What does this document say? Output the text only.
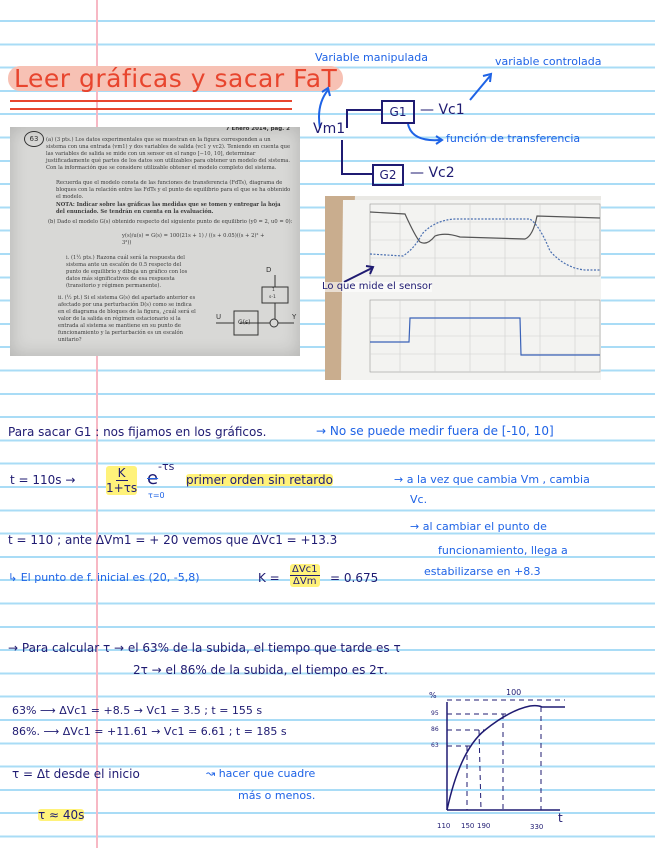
Leer gráficas y sacar FaT
Variable manipulada	variable controlada
Vm1
G1 — Vc1
función de transferencia
G2 — Vc2
63
7 Enero 2014, pág. 2
(a) (3 pts.) Los datos experimentales que se muestran en la figura corresponden a un sistema con una entrada (vm1) y dos variables de salida (vc1 y vc2). Teniendo en cuenta que las variables de salida se mide con un sensor en el rango [−10, 10], determinar justificadamente qué partes de los datos son utilizables para obtener un modelo del sistema. Con la información que se considere utilizable obtener el modelo completo del sistema.
Recuerda que el modelo consta de las funciones de transferencia (FdTs), diagrama de bloques con la relación entre las FdTs y el punto de equilibrio para el que se ha obtenido el modelo.
NOTA: Indicar sobre las gráficas las medidas que se tomen y entregar la hoja del enunciado. Se tendrán en cuenta en la evaluación.
(b) Dado el modelo G(s) obtenido respecto del siguiente punto de equilibrio (y0 = 2, u0 = 0):
y(s)/u(s) = G(s) = 100(21s + 1) / ((s + 0.05)((s + 2)² + 3²))
i. (1½ pts.) Razona cuál será la respuesta del sistema ante un escalón de 0.5 respecto del punto de equilibrio y dibuja un gráfico con los datos más significativos de esa respuesta (transitorio y régimen permanente).
ii. (½ pt.) Si el sistema G(s) del apartado anterior es afectado por una perturbación D(s) como se indica en el diagrama de bloques de la figura, ¿cuál será el valor de la salida en régimen estacionario si la entrada al sistema se mantiene en su punto de funcionamiento y la perturbación es un escalón unitario?
D
1
s-1
U
G(s)
Y
Lo que mide el sensor
Para sacar G1 : nos fijamos en los gráficos.	→ No se puede medir fuera de [-10, 10]
t = 110s →	$\frac{K}{1+\tau s}$ e
-τs
τ=0
primer orden sin retardo	→ a la vez que cambia Vm , cambia
Vc.
t = 110 ; ante ΔVm1 = + 20 vemos que ΔVc1 = +13.3
→ al cambiar el punto de
funcionamiento, llega a
estabilizarse en +8.3
↳ El punto de f. inicial es (20, -5,8)	K =
ΔVc1
ΔVm = 0.675
→ Para calcular τ → el 63% de la subida, el tiempo que tarde es τ
2τ → el 86% de la subida, el tiempo es 2τ.
63% ⟶ ΔVc1 = +8.5 → Vc1 = 3.5 ; t = 155 s
86%. ⟶ ΔVc1 = +11.61 → Vc1 = 6.61 ; t = 185 s
τ = Δt desde el inicio	↝ hacer que cuadre
más o menos.
τ ≈ 40s
%	100
95
86
63
110 150 190	330
t
